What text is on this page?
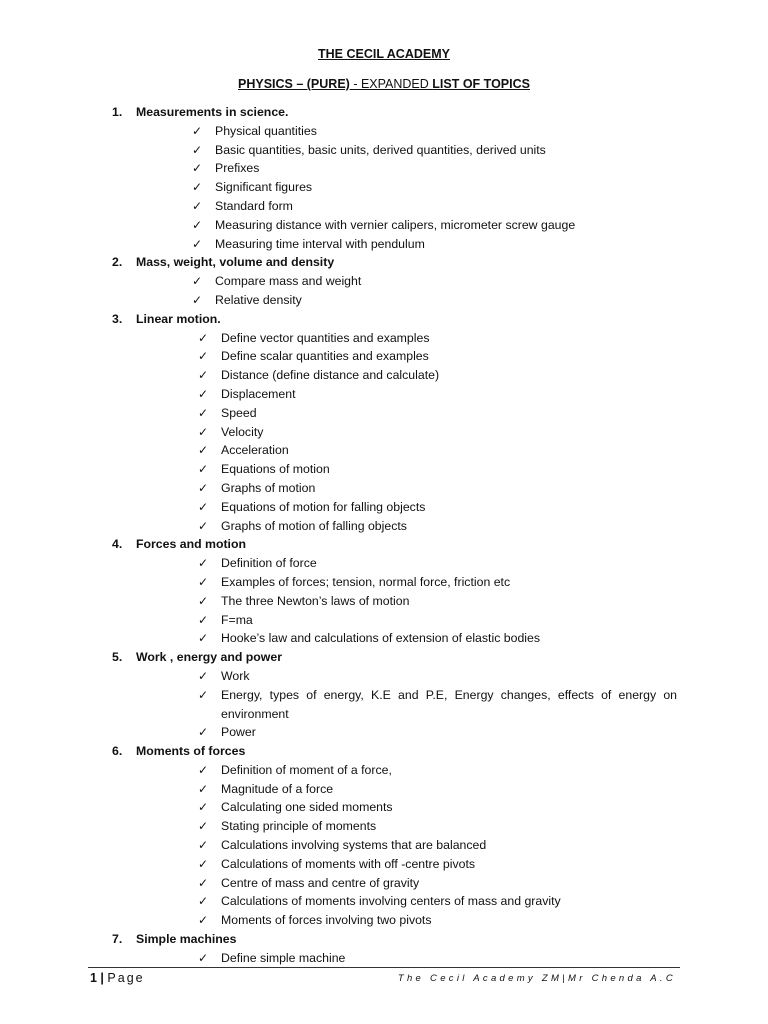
THE CECIL ACADEMY
PHYSICS – (PURE) - EXPANDED LIST OF TOPICS
1. Measurements in science.
✓ Physical quantities
✓ Basic quantities, basic units, derived quantities, derived units
✓ Prefixes
✓ Significant figures
✓ Standard form
✓ Measuring distance with vernier calipers, micrometer screw gauge
✓ Measuring time interval with pendulum
2. Mass, weight, volume and density
✓ Compare mass and weight
✓ Relative density
3. Linear motion.
✓ Define vector quantities and examples
✓ Define scalar quantities and examples
✓ Distance (define distance and calculate)
✓ Displacement
✓ Speed
✓ Velocity
✓ Acceleration
✓ Equations of motion
✓ Graphs of motion
✓ Equations of motion for falling objects
✓ Graphs of motion of falling objects
4. Forces and motion
✓ Definition of force
✓ Examples of forces; tension, normal force, friction etc
✓ The three Newton’s laws of motion
✓ F=ma
✓ Hooke’s law and calculations of extension of elastic bodies
5. Work , energy and power
✓ Work
✓ Energy, types of energy, K.E and P.E, Energy changes, effects of energy on environment
✓ Power
6. Moments of forces
✓ Definition of moment of a force,
✓ Magnitude of a force
✓ Calculating one sided moments
✓ Stating principle of moments
✓ Calculations involving systems that are balanced
✓ Calculations of moments with off -centre pivots
✓ Centre of mass and centre of gravity
✓ Calculations of moments involving centers of mass and gravity
✓ Moments of forces involving two pivots
7. Simple machines
✓ Define simple machine
1 | Page	The Cecil Academy ZM|Mr Chenda A.C
